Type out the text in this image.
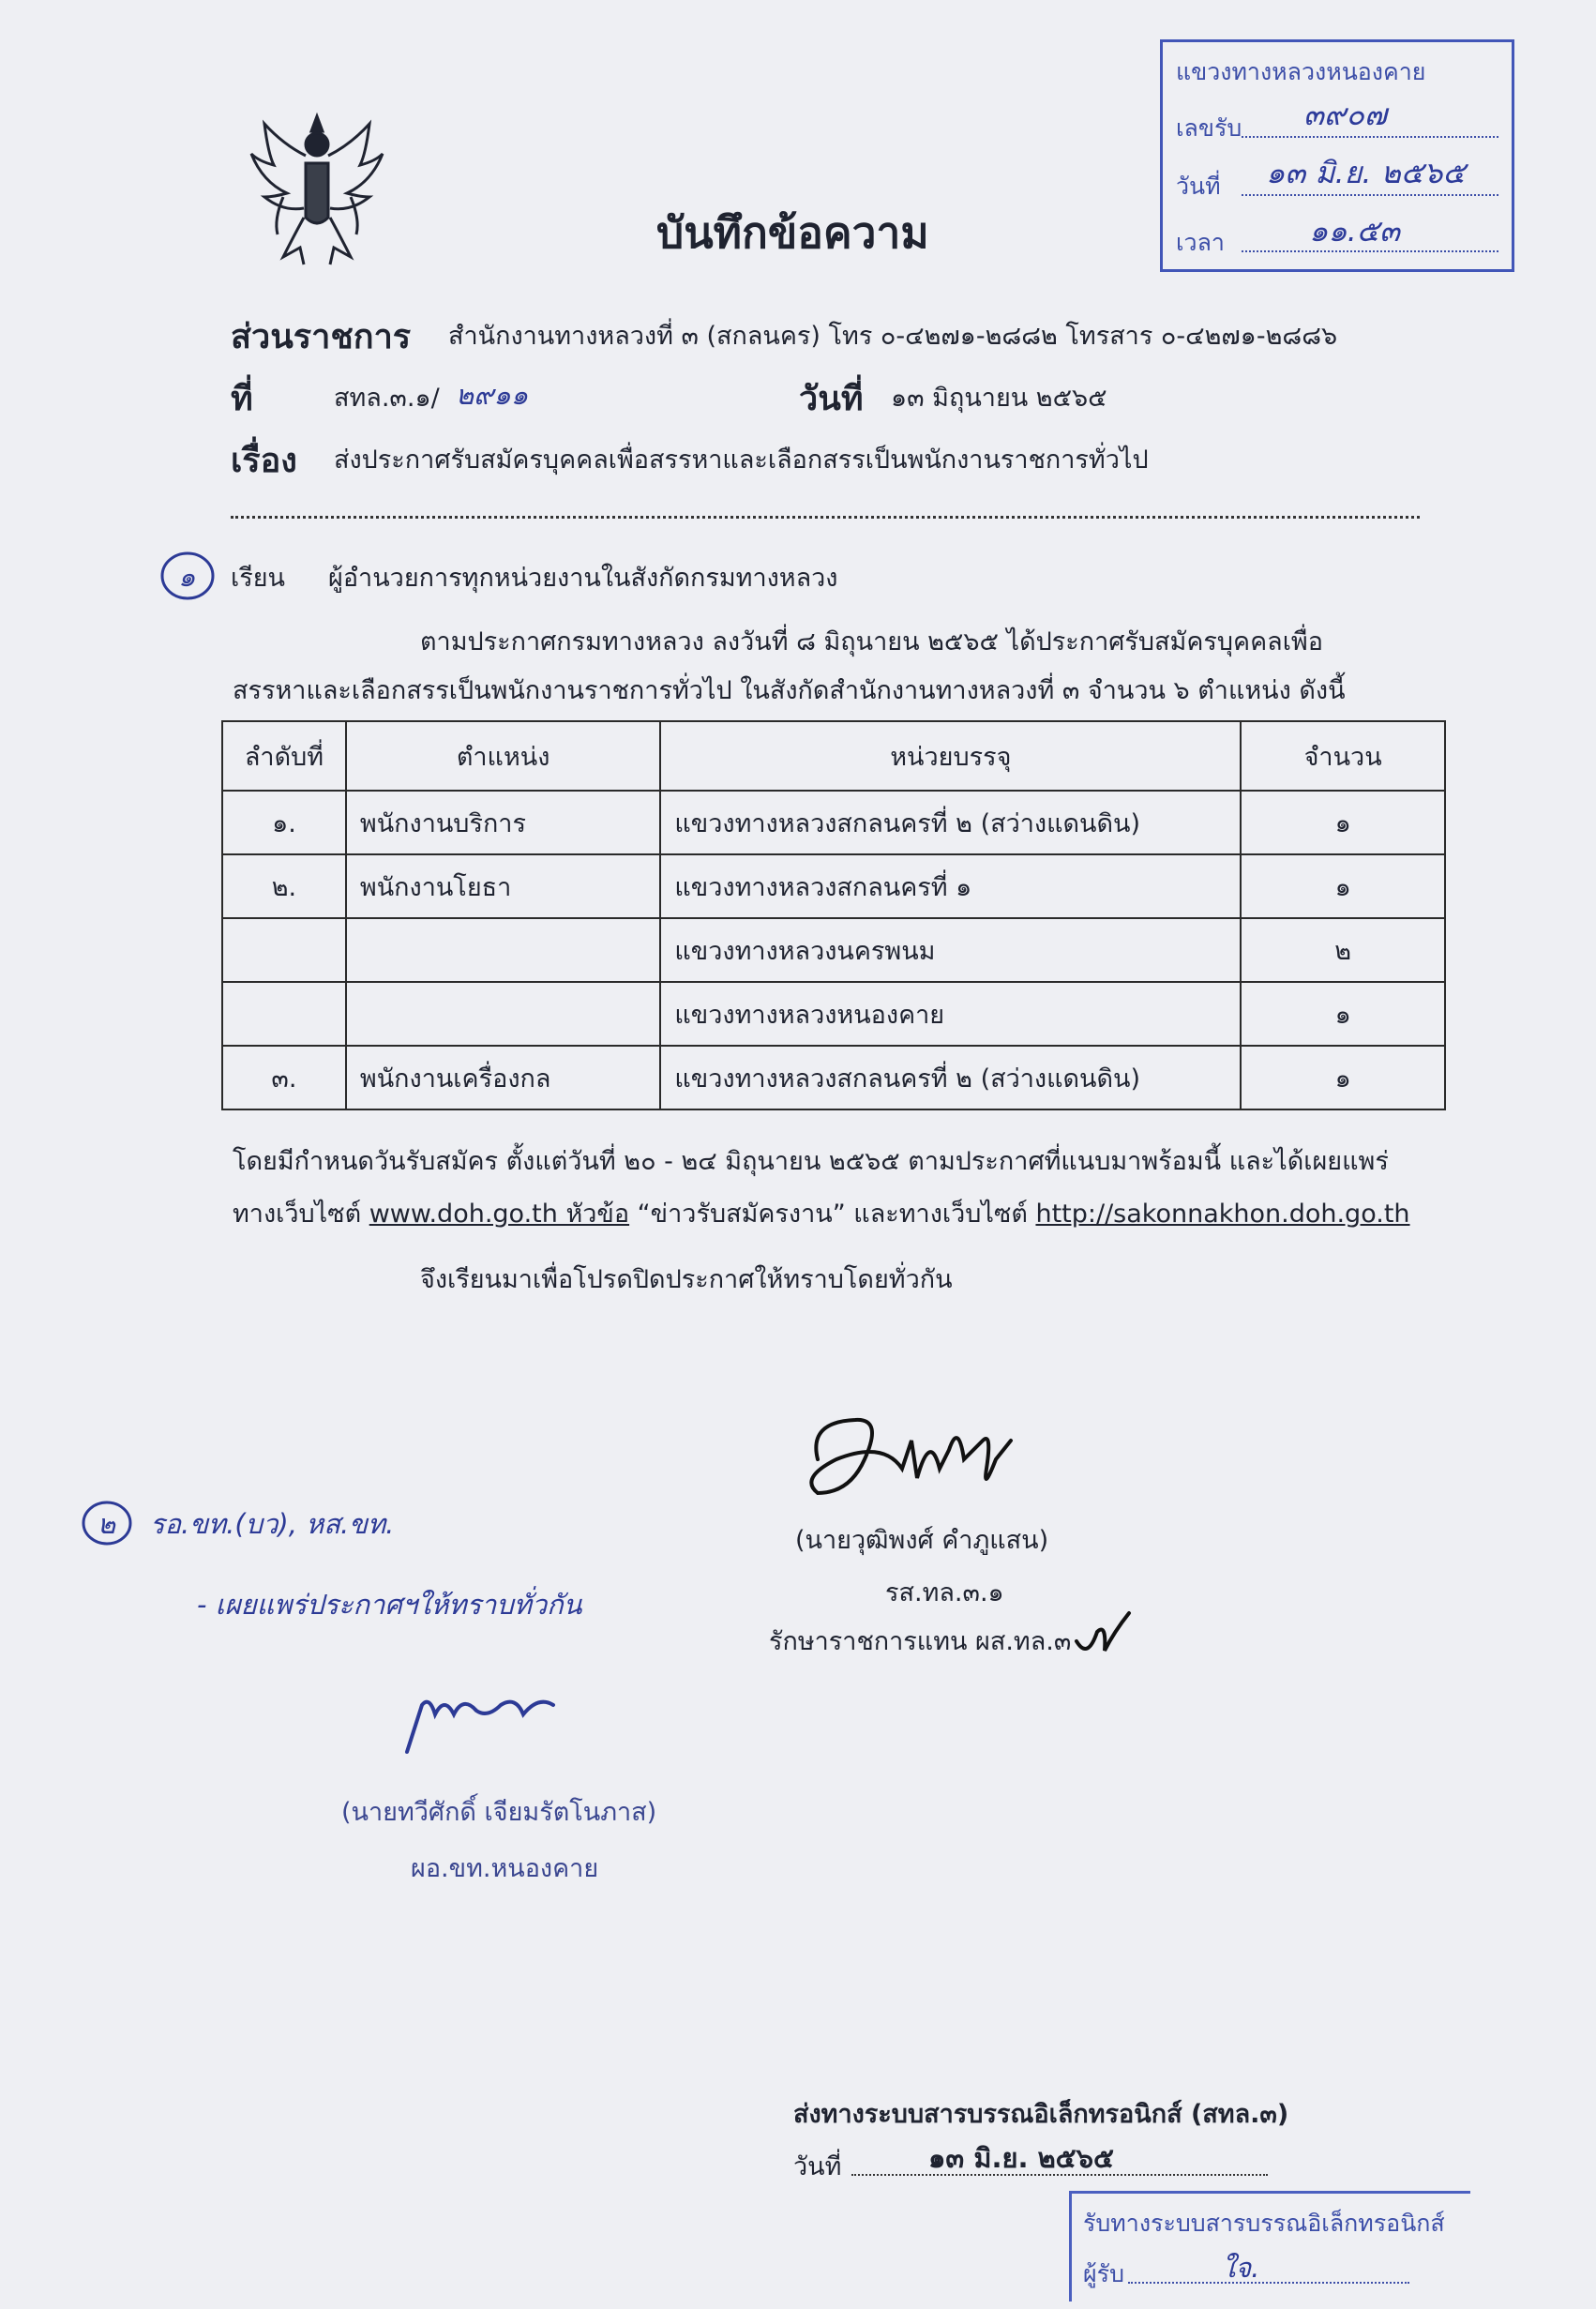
แขวงทางหลวงหนองคาย
เลขรับ ๓๙๐๗
วันที่ ๑๓ มิ.ย. ๒๕๖๕
เวลา	๑๑.๕๓
บันทึกข้อความ
ส่วนราชการ สำนักงานทางหลวงที่ ๓ (สกลนคร) โทร ๐-๔๒๗๑-๒๘๘๒ โทรสาร ๐-๔๒๗๑-๒๘๘๖
ที่	สทล.๓.๑/ ๒๙๑๑	วันที่ ๑๓ มิถุนายน ๒๕๖๕
เรื่อง ส่งประกาศรับสมัครบุคคลเพื่อสรรหาและเลือกสรรเป็นพนักงานราชการทั่วไป
๑ เรียน ผู้อำนวยการทุกหน่วยงานในสังกัดกรมทางหลวง
ตามประกาศกรมทางหลวง ลงวันที่ ๘ มิถุนายน ๒๕๖๕ ได้ประกาศรับสมัครบุคคลเพื่อ
สรรหาและเลือกสรรเป็นพนักงานราชการทั่วไป ในสังกัดสำนักงานทางหลวงที่ ๓ จำนวน ๖ ตำแหน่ง ดังนี้
ลำดับที่	ตำแหน่ง	หน่วยบรรจุ	จำนวน
๑.	พนักงานบริการ	แขวงทางหลวงสกลนครที่ ๒ (สว่างแดนดิน)	๑
๒.	พนักงานโยธา	แขวงทางหลวงสกลนครที่ ๑	๑
		แขวงทางหลวงนครพนม	๒
		แขวงทางหลวงหนองคาย	๑
๓.	พนักงานเครื่องกล	แขวงทางหลวงสกลนครที่ ๒ (สว่างแดนดิน)	๑
โดยมีกำหนดวันรับสมัคร ตั้งแต่วันที่ ๒๐ - ๒๔ มิถุนายน ๒๕๖๕ ตามประกาศที่แนบมาพร้อมนี้ และได้เผยแพร่
ทางเว็บไซต์ www.doh.go.th หัวข้อ “ข่าวรับสมัครงาน” และทางเว็บไซต์ http://sakonnakhon.doh.go.th
จึงเรียนมาเพื่อโปรดปิดประกาศให้ทราบโดยทั่วกัน
(นายวุฒิพงศ์ คำภูแสน)
รส.ทล.๓.๑
รักษาราชการแทน ผส.ทล.๓
๒ รอ.ขท.(บว), หส.ขท.
- เผยแพร่ประกาศฯให้ทราบทั่วกัน
(นายทวีศักดิ์ เจียมรัตโนภาส)
ผอ.ขท.หนองคาย
ส่งทางระบบสารบรรณอิเล็กทรอนิกส์ (สทล.๓)
วันที่	๑๓ มิ.ย. ๒๕๖๕
รับทางระบบสารบรรณอิเล็กทรอนิกส์
ผู้รับ	ใจ.
